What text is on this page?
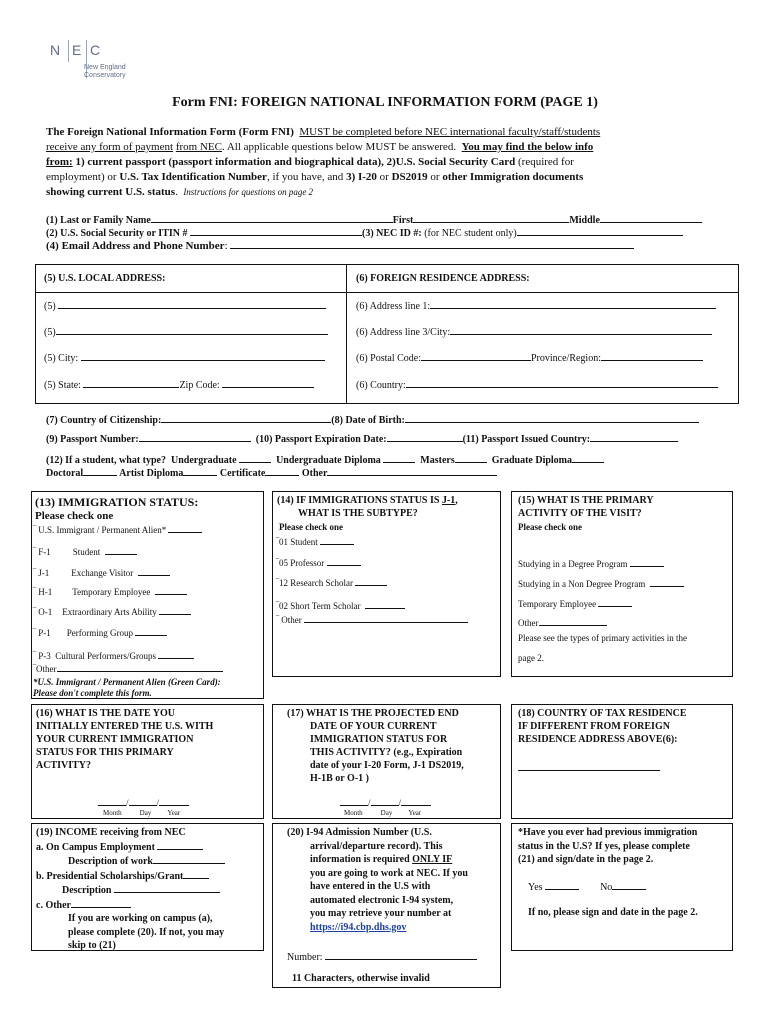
N E C
New England
Conservatory
Form FNI: FOREIGN NATIONAL INFORMATION FORM (PAGE 1)
The Foreign National Information Form (Form FNI) MUST be completed before NEC international faculty/staff/students
receive any form of payment from NEC. All applicable questions below MUST be answered. You may find the below info
from: 1) current passport (passport information and biographical data), 2)U.S. Social Security Card (required for
employment) or U.S. Tax Identification Number, if you have, and 3) I-20 or DS2019 or other Immigration documents
showing current U.S. status. Instructions for questions on page 2
(1) Last or Family Name	First	Middle
(2) U.S. Social Security or ITIN #	(3) NEC ID #: (for NEC student only)
(4) Email Address and Phone Number:
(5) U.S. LOCAL ADDRESS:	(6) FOREIGN RESIDENCE ADDRESS:
(5)
(5)
(5) City:
(5) State:	Zip Code:
(6) Address line 1:
(6) Address line 3/City:
(6) Postal Code:	Province/Region:
(6) Country:
(7) Country of Citizenship:	(8) Date of Birth:
(9) Passport Number:	(10) Passport Expiration Date:	(11) Passport Issued Country:
(12) If a student, what type? Undergraduate	Undergraduate Diploma	Masters	Graduate Diploma
Doctoral	Artist Diploma	Certificate	Other
(13) IMMIGRATION STATUS:
Please check one
‾ U.S. Immigrant / Permanent Alien*
‾ F-1 Student
‾ J-1 Exchange Visitor
‾ H-1 Temporary Employee
‾ O-1 Extraordinary Arts Ability
‾ P-1 Performing Group
‾ P-3 Cultural Performers/Groups
‾Other
*U.S. Immigrant / Permanent Alien (Green Card):
Please don't complete this form.
(14) IF IMMIGRATIONS STATUS IS J-1,
WHAT IS THE SUBTYPE?
Please check one
‾01 Student
‾05 Professor
‾12 Research Scholar
‾02 Short Term Scholar
‾ Other
(15) WHAT IS THE PRIMARY
ACTIVITY OF THE VISIT?
Please check one
Studying in a Degree Program
Studying in a Non Degree Program
Temporary Employee
Other
Please see the types of primary activities in the
page 2.
(16) WHAT IS THE DATE YOU
INITIALLY ENTERED THE U.S. WITH
YOUR CURRENT IMMIGRATION
STATUS FOR THIS PRIMARY
ACTIVITY?
/	/
Month	Day Year
(17) WHAT IS THE PROJECTED END
DATE OF YOUR CURRENT
IMMIGRATION STATUS FOR
THIS ACTIVITY? (e.g., Expiration
date of your I-20 Form, J-1 DS2019,
H-1B or O-1 )
/	/
Month	Day Year
(18) COUNTRY OF TAX RESIDENCE
IF DIFFERENT FROM FOREIGN
RESIDENCE ADDRESS ABOVE(6):
(19) INCOME receiving from NEC
a. On Campus Employment
Description of work
b. Presidential Scholarships/Grant
Description
c. Other
If you are working on campus (a),
please complete (20). If not, you may
skip to (21)
(20) I-94 Admission Number (U.S.
arrival/departure record). This
information is required ONLY IF
you are going to work at NEC. If you
have entered in the U.S with
automated electronic I-94 system,
you may retrieve your number at
https://i94.cbp.dhs.gov
Number:
11 Characters, otherwise invalid
*Have you ever had previous immigration
status in the U.S? If yes, please complete
(21) and sign/date in the page 2.
Yes	No
If no, please sign and date in the page 2.
